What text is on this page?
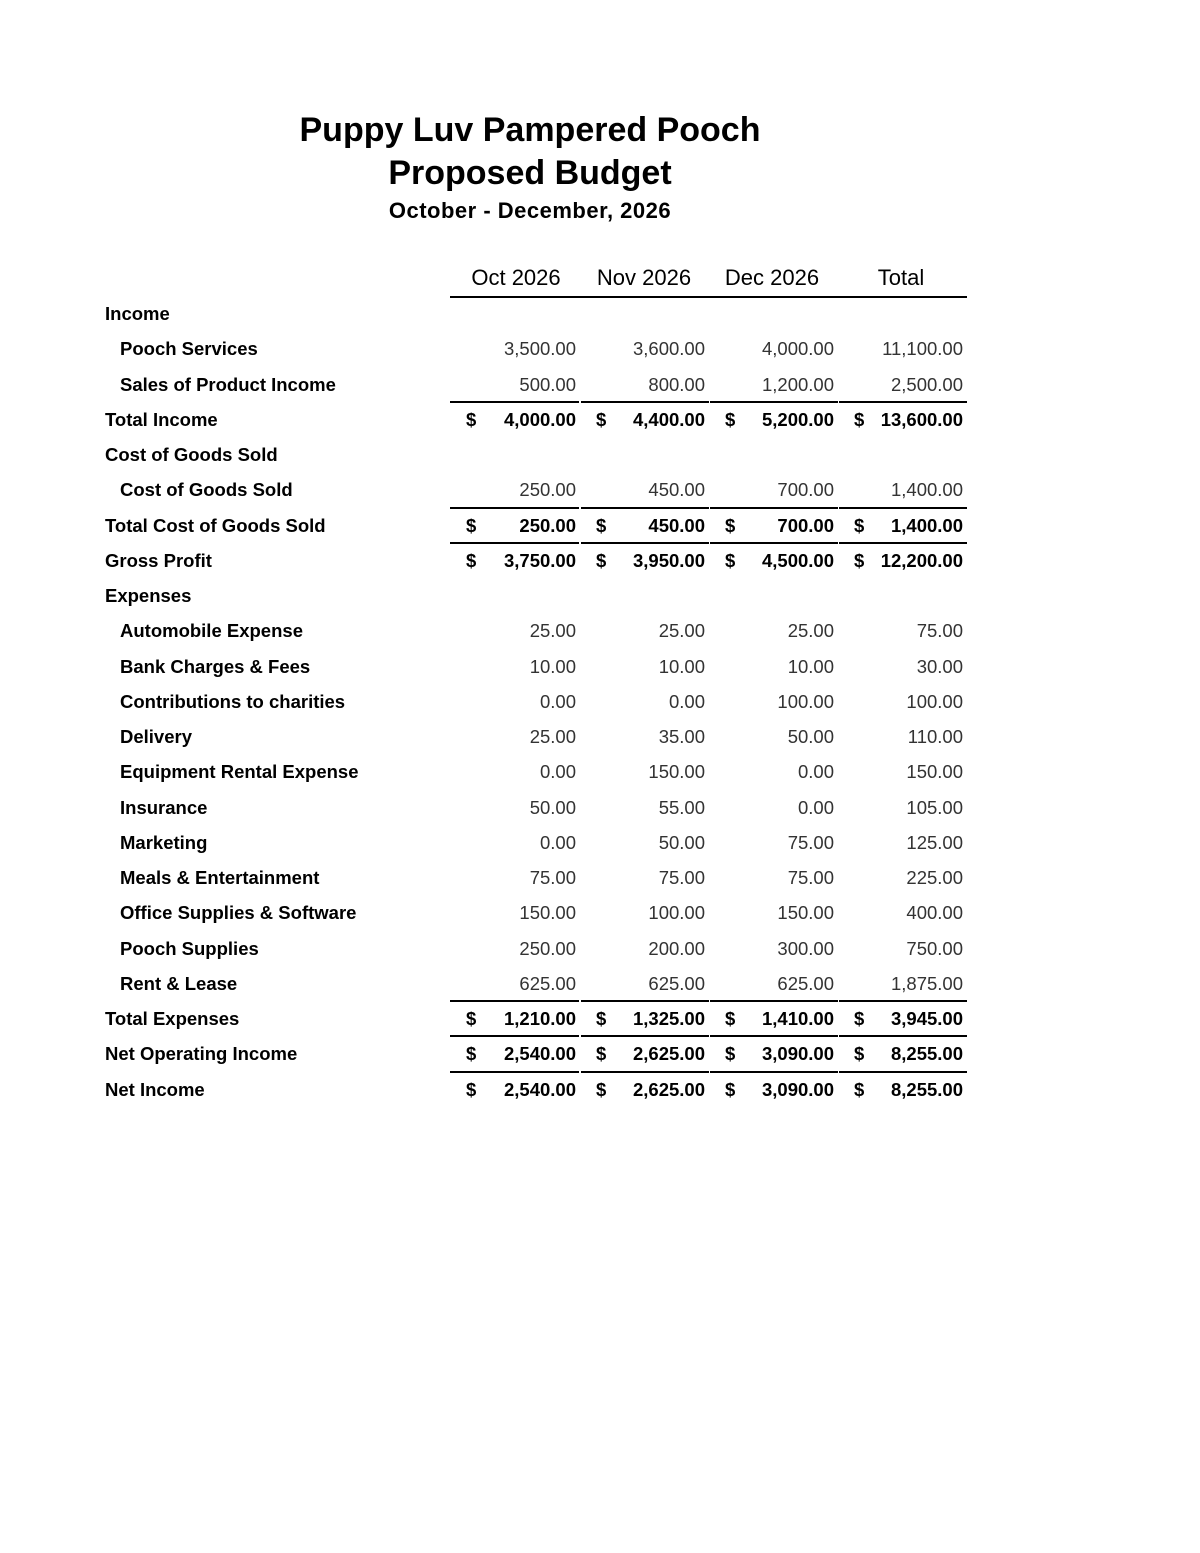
Puppy Luv Pampered Pooch
Proposed Budget
October - December, 2026
Oct 2026	Nov 2026	Dec 2026	Total
Income
Pooch Services	3,500.00	3,600.00	4,000.00	11,100.00
Sales of Product Income	500.00	800.00	1,200.00	2,500.00
Total Income	$ 4,000.00 $ 4,400.00 $ 5,200.00 $ 13,600.00
Cost of Goods Sold
Cost of Goods Sold	250.00	450.00	700.00	1,400.00
Total Cost of Goods Sold	$ 250.00 $ 450.00 $ 700.00 $ 1,400.00
Gross Profit	$ 3,750.00 $ 3,950.00 $ 4,500.00 $ 12,200.00
Expenses
Automobile Expense	25.00	25.00	25.00	75.00
Bank Charges & Fees	10.00	10.00	10.00	30.00
Contributions to charities	0.00	0.00	100.00	100.00
Delivery	25.00	35.00	50.00	110.00
Equipment Rental Expense	0.00	150.00	0.00	150.00
Insurance	50.00	55.00	0.00	105.00
Marketing	0.00	50.00	75.00	125.00
Meals & Entertainment	75.00	75.00	75.00	225.00
Office Supplies & Software	150.00	100.00	150.00	400.00
Pooch Supplies	250.00	200.00	300.00	750.00
Rent & Lease	625.00	625.00	625.00	1,875.00
Total Expenses	$ 1,210.00 $ 1,325.00 $ 1,410.00 $ 3,945.00
Net Operating Income	$ 2,540.00 $ 2,625.00 $ 3,090.00 $ 8,255.00
Net Income	$ 2,540.00 $ 2,625.00 $ 3,090.00 $ 8,255.00
